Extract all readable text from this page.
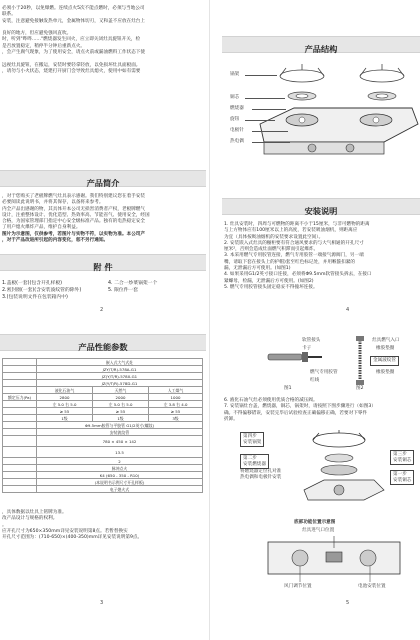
必须小于20秒，以免爆燃。连续点火5次不能点燃时，必须与当地公司

联系。

安装，注意避免接触发热单元，金属物体切刃，又和盖不应放在灶台上

良好的地方，但应避免强风直吹。

时，听到"哔哔……"燃烧器发生回火，应立即关闭灶具旋钮开关，检

是否放置稳定，稍停半分钟后重新点火。

，会产生腐气现象，为了使用安全，请点火前或漏油燃料工作状态下使

远视灶具旋钮，在搬运，安装时要轻拿轻放，以免损坏灶具面板面。

，请勿与小火状态，烧建打开厨门会导致灶具熄火，使用中如有需要

产品简介

，对于您购买了老板牌燃气灶具表示感谢。我们特别建议您在着手安装

必要阅读此说明书，并将其保存，以备将来参考。

内全产品出感谢的物，其具体开本公司无损害消费者产权，老板牌燃气

设计，注重整体设计、优化造型、热效率高、节能省气、使用安全，经国

合格，为国家管理部门指定中心安全级标准产品。独有的电热稳定安全

了用户熄火爆炸产品，维护自身利益。

图片为示意图，仅供参考，若图片与实物不符，以实物为准。本公司产

，对于产品改进所引起的内容变化，恕不另行通知。

附 件
1.盖板(一套)(包含开孔样板)	4. 二合一炒菜锅架一个
2.密封圈(一套)(含安装波纹管的除外)	5. 限位件一套
3.(包装说明文件在包装箱内中)
2
产品性能参数
	嵌入式大气式灶		
	JZY/T/R)-578A-G1		
	JZ(Y/T/R)-578X-G1		
	JZ(Y/T/R)-578D-G1		
	液化石油气	天然气	人工煤气
额定压力(Pa)	2800	2000	1000
	左 5.0 右 5.0	左 5.0 右 5.0	左 3.8 右 4.0
	≥ 55	≥ 55	≥ 55
	1级	1级	3级
	Φ9.5mm胶管与平胶管 G1/2英寸(螺纹)		
	安装波纹管		
	780 × 450 × 142		
	13.5		
	2		
	脉冲点火		
	K4 (650 - 350 - R10)		
	(本说明书示例尺寸开孔样板)		
	电子熄火式		

，具体数据以灶具上铭牌为准。

改产品设计与规格的权利。

。

应开孔尺寸为650×350mm详见安装说明第8点。若暂替换实

开孔尺寸范围为：(710-650)×(400-350)mm详见安装说明第9点。

3
产品结构
锅架
铜芯
燃烧器
旋钮
电极针
热电偶
安装说明

1. 灶具安装时，四周与可燃物的距离不小于15厘米，与非可燃物的距离

与上方物体应有100厘米以上的高度，若安装吸油烟机，则距离应

为宜（具体按吸油烟机的安装要求设置此空间）。

2. 安装嵌入式灶具的橱柜要有符合通风要求的与大气相通的开孔尺寸

厘米²，否则会造成灶面燃气积滞而引起爆炸。

3. 本采用燃气专用胶管连接，燃气专用胶管一端接气源阀门，另一端

嘴，请取下套在接头上的护帽)套至红色标记处，并用喉箍扣紧的

漏，无泄漏后方可使用。(如图1)

4. 如果采用G1/2英寸接口连接，必须将Φ9.5mm软管接头拆去，在接口

紧螺母，检漏，无泄漏后方可使用。(如图2)

5. 燃气专用胶管接头固定稳妥不得撞坏连接。

4
软管接头
卡子
燃气专用胶管
红线
图1
灶具燃气入口
橡胶垫圈
金属波纹管
橡胶垫圈
图2

6. 液化石油气灶必须使用优质合格的减压阀。

7. 安装锅灶台盖，燃烧器，铜芯，锅架时，请按照下图步骤进行（如图3）

确。不得偏移错误，安装完毕后试验检查正确偏移正确，若要对下零件

折卸。

第四步
安装锅架
第二步
安装燃烧器
将燃烧器定位孔对准
热电偶和电极针安装
第三步
安装铜芯
第一步
安装铜芯
底部功能位置示意图
灶具进气口位置
风门调节位置	电池安装位置
5
